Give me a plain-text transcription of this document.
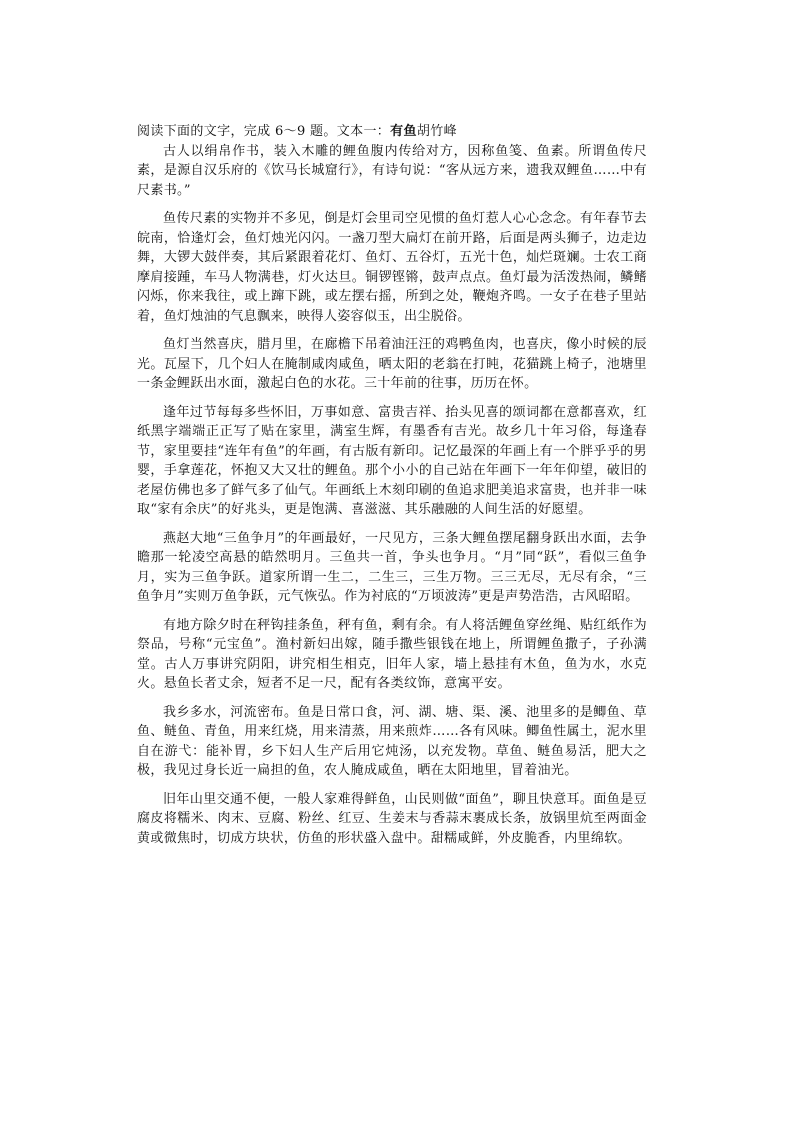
阅读下面的文字，完成 6～9 题。文本一：有鱼胡竹峰

古人以绢帛作书，装入木雕的鲤鱼腹内传给对方，因称鱼笺、鱼素。所谓鱼传尺素，是源自汉乐府的《饮马长城窟行》，有诗句说：“客从远方来，遗我双鲤鱼……中有尺素书。”

鱼传尺素的实物并不多见，倒是灯会里司空见惯的鱼灯惹人心心念念。有年春节去皖南，恰逢灯会，鱼灯烛光闪闪。一盏刀型大扁灯在前开路，后面是两头狮子，边走边舞，大锣大鼓伴奏，其后紧跟着花灯、鱼灯、五谷灯，五光十色，灿烂斑斓。士农工商摩肩接踵，车马人物满巷，灯火达旦。铜锣铿锵，鼓声点点。鱼灯最为活泼热闹，鳞鳍闪烁，你来我往，或上蹿下跳，或左摆右摇，所到之处，鞭炮齐鸣。一女子在巷子里站着，鱼灯烛油的气息飘来，映得人姿容似玉，出尘脱俗。

鱼灯当然喜庆，腊月里，在廊檐下吊着油汪汪的鸡鸭鱼肉，也喜庆，像小时候的辰光。瓦屋下，几个妇人在腌制咸肉咸鱼，晒太阳的老翁在打盹，花猫跳上椅子，池塘里一条金鲤跃出水面，激起白色的水花。三十年前的往事，历历在怀。

逢年过节每每多些怀旧，万事如意、富贵吉祥、抬头见喜的颂词都在意都喜欢，红纸黑字端端正正写了贴在家里，满室生辉，有墨香有吉光。故乡几十年习俗，每逢春节，家里要挂“连年有鱼”的年画，有古版有新印。记忆最深的年画上有一个胖乎乎的男婴，手拿莲花，怀抱又大又壮的鲤鱼。那个小小的自己站在年画下一年年仰望，破旧的老屋仿佛也多了鲜气多了仙气。年画纸上木刻印刷的鱼追求肥美追求富贵，也并非一味取“家有余庆”的好兆头，更是饱满、喜滋滋、其乐融融的人间生活的好愿望。

燕赵大地“三鱼争月”的年画最好，一尺见方，三条大鲤鱼摆尾翻身跃出水面，去争瞻那一轮凌空高悬的皓然明月。三鱼共一首，争头也争月。“月”同“跃”，看似三鱼争月，实为三鱼争跃。道家所谓一生二，二生三，三生万物。三三无尽，无尽有余，“三鱼争月”实则万鱼争跃，元气恢弘。作为衬底的“万顷波涛”更是声势浩浩，古风昭昭。

有地方除夕时在秤钩挂条鱼，秤有鱼，剩有余。有人将活鲤鱼穿丝绳、贴红纸作为祭品，号称“元宝鱼”。渔村新妇出嫁，随手撒些银钱在地上，所谓鲤鱼撒子，子孙满堂。古人万事讲究阴阳，讲究相生相克，旧年人家，墙上悬挂有木鱼，鱼为水，水克火。悬鱼长者丈余，短者不足一尺，配有各类纹饰，意寓平安。

我乡多水，河流密布。鱼是日常口食，河、湖、塘、渠、溪、池里多的是鲫鱼、草鱼、鲢鱼、青鱼，用来红烧，用来清蒸，用来煎炸……各有风味。鲫鱼性属土，泥水里自在游弋：能补胃，乡下妇人生产后用它炖汤，以充发物。草鱼、鲢鱼易活，肥大之极，我见过身长近一扁担的鱼，农人腌成咸鱼，晒在太阳地里，冒着油光。

旧年山里交通不便，一般人家难得鲜鱼，山民则做“面鱼”，聊且快意耳。面鱼是豆腐皮将糯米、肉末、豆腐、粉丝、红豆、生姜末与香蒜末裹成长条，放锅里炕至两面金黄或微焦时，切成方块状，仿鱼的形状盛入盘中。甜糯咸鲜，外皮脆香，内里绵软。
